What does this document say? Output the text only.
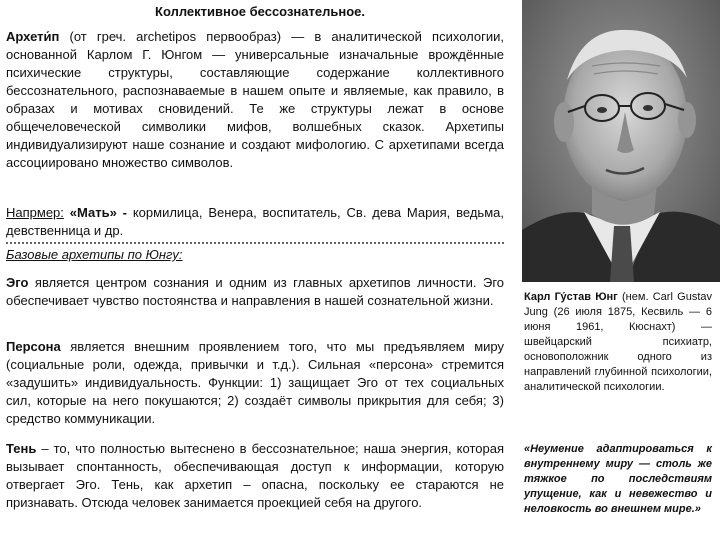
Коллективное бессознательное.
Архети́п (от греч. archetipos первообраз) — в аналитической психологии, основанной Карлом Г. Юнгом — универсальные изначальные врождённые психические структуры, составляющие содержание коллективного бессознательного, распознаваемые в нашем опыте и являемые, как правило, в образах и мотивах сновидений. Те же структуры лежат в основе общечеловеческой символики мифов, волшебных сказок. Архетипы индивидуализируют наше сознание и создают мифологию. С архетипами всегда ассоциировано множество символов.
Напрмер: «Мать» - кормилица, Венера, воспитатель, Св. дева Мария, ведьма, девственница и др.
Базовые архетипы по Юнгу:
Эго является центром сознания и одним из главных архетипов личности. Эго обеспечивает чувство постоянства и направления в нашей сознательной жизни.
Персона является внешним проявлением того, что мы предъявляем миру (социальные роли, одежда, привычки и т.д.). Сильная «персона» стремится «задушить» индивидуальность. Функции: 1) защищает Эго от тех социальных сил, которые на него покушаются; 2) создаёт символы прикрытия для себя; 3) средство коммуникации.
Тень – то, что полностью вытеснено в бессознательное; наша энергия, которая вызывает спонтанность, обеспечивающая доступ к информации, которую отвергает Эго. Тень, как архетип – опасна, поскольку ее стараются не признавать. Отсюда человек занимается проекцией себя на другого.
Карл Гу́став Юнг (нем. Carl Gustav Jung (26 июля 1875, Кесвиль — 6 июня 1961, Кюснахт) — швейцарский психиатр, основоположник одного из направлений глубинной психологии, аналитической психологии.
«Неумение адаптироваться к внутреннему миру — столь же тяжкое по последствиям упущение, как и невежество и неловкость во внешнем мире.»
